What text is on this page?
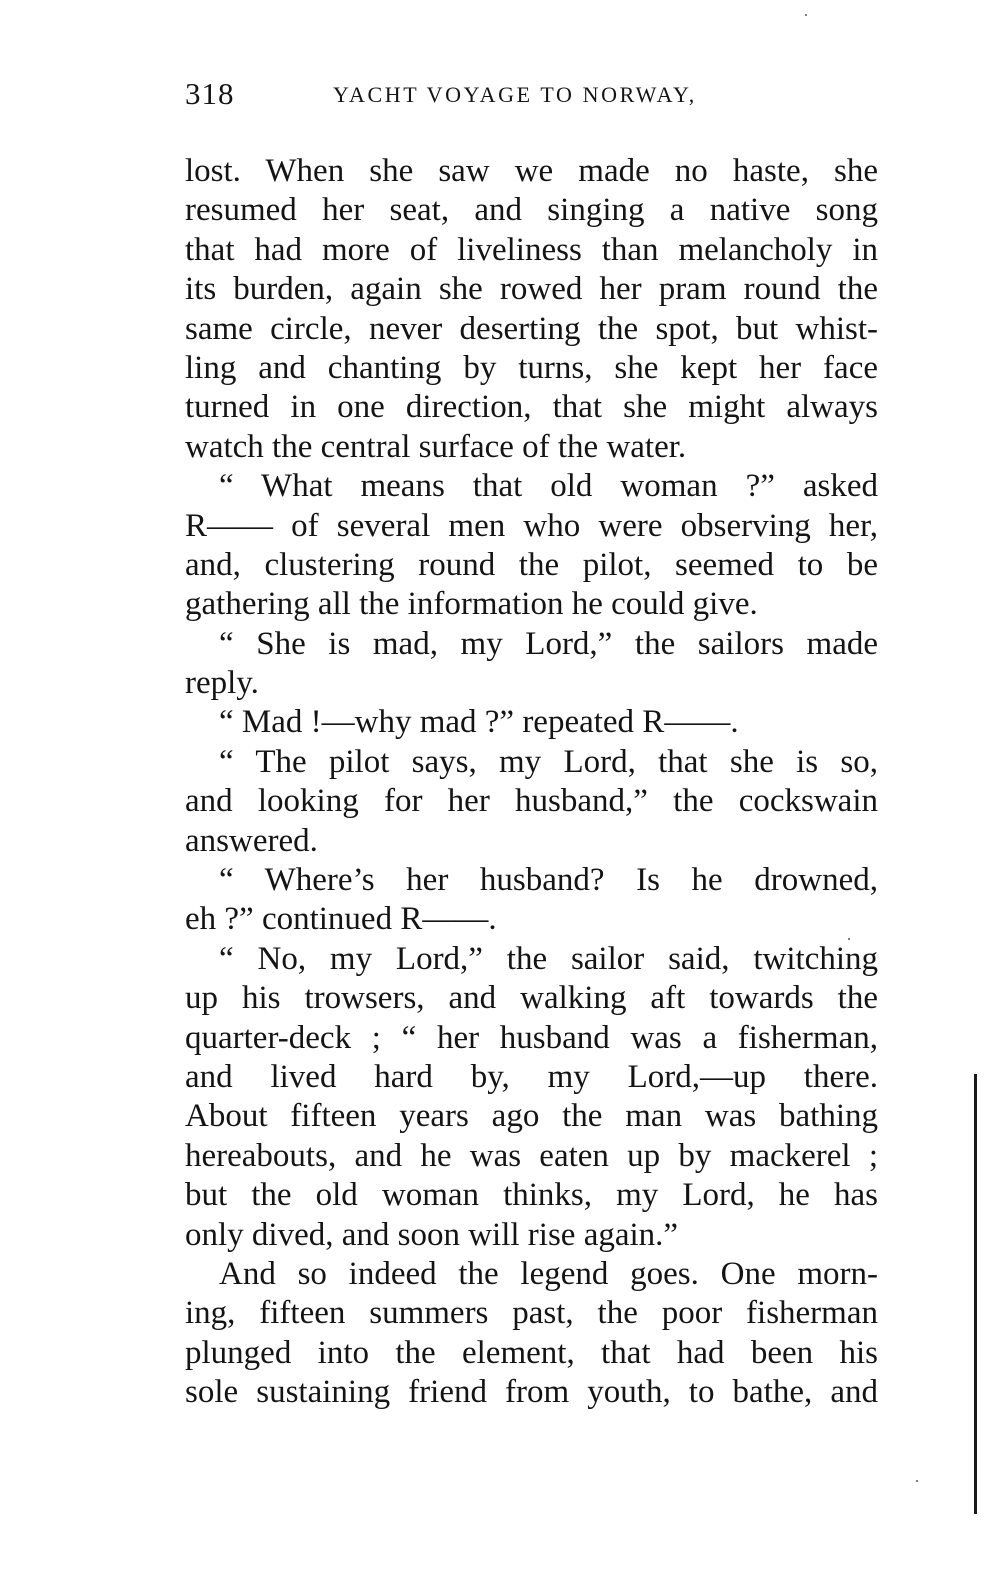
318	YACHT VOYAGE TO NORWAY,
lost. When she saw we made no haste, she
resumed her seat, and singing a native song
that had more of liveliness than melancholy in
its burden, again she rowed her pram round the
same circle, never deserting the spot, but whist-
ling and chanting by turns, she kept her face
turned in one direction, that she might always
watch the central surface of the water.
“ What means that old woman ?” asked
R—— of several men who were observing her,
and, clustering round the pilot, seemed to be
gathering all the information he could give.
“ She is mad, my Lord,” the sailors made
reply.
“ Mad !—why mad ?” repeated R——.
“ The pilot says, my Lord, that she is so,
and looking for her husband,” the cockswain
answered.
“ Where’s her husband? Is he drowned,
eh ?” continued R——.
“ No, my Lord,” the sailor said, twitching
up his trowsers, and walking aft towards the
quarter-deck ; “ her husband was a fisherman,
and lived hard by, my Lord,—up there.
About fifteen years ago the man was bathing
hereabouts, and he was eaten up by mackerel ;
but the old woman thinks, my Lord, he has
only dived, and soon will rise again.”
And so indeed the legend goes. One morn-
ing, fifteen summers past, the poor fisherman
plunged into the element, that had been his
sole sustaining friend from youth, to bathe, and
